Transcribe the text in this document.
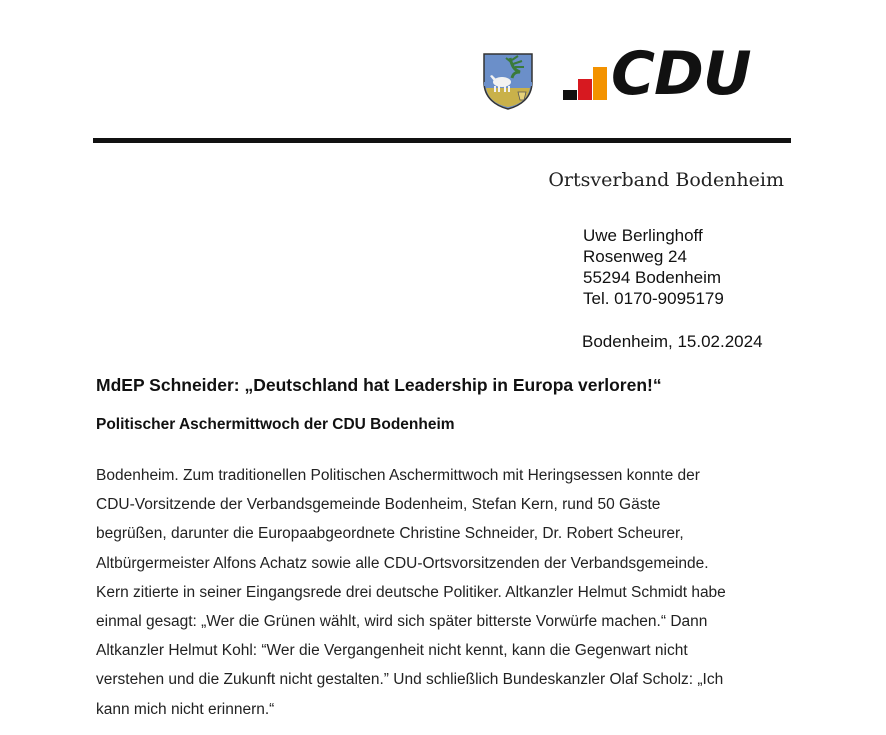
CDU
Ortsverband Bodenheim
Uwe Berlinghoff
Rosenweg 24
55294 Bodenheim
Tel. 0170-9095179
Bodenheim, 15.02.2024
MdEP Schneider: „Deutschland hat Leadership in Europa verloren!“
Politischer Aschermittwoch der CDU Bodenheim
Bodenheim. Zum traditionellen Politischen Aschermittwoch mit Heringsessen konnte der
CDU-Vorsitzende der Verbandsgemeinde Bodenheim, Stefan Kern, rund 50 Gäste
begrüßen, darunter die Europaabgeordnete Christine Schneider, Dr. Robert Scheurer,
Altbürgermeister Alfons Achatz sowie alle CDU-Ortsvorsitzenden der Verbandsgemeinde.
Kern zitierte in seiner Eingangsrede drei deutsche Politiker. Altkanzler Helmut Schmidt habe
einmal gesagt: „Wer die Grünen wählt, wird sich später bitterste Vorwürfe machen.“ Dann
Altkanzler Helmut Kohl: “Wer die Vergangenheit nicht kennt, kann die Gegenwart nicht
verstehen und die Zukunft nicht gestalten.” Und schließlich Bundeskanzler Olaf Scholz: „Ich
kann mich nicht erinnern.“
